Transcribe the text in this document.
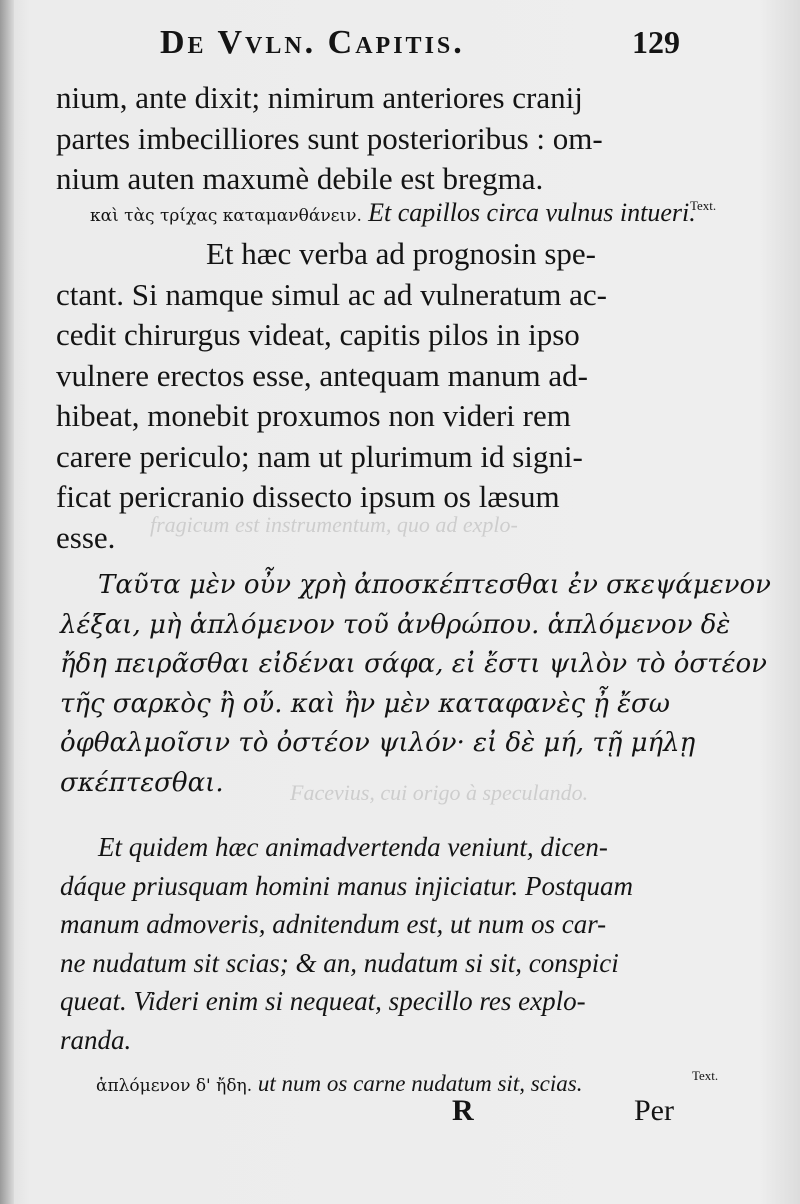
fragicum est instrumentum, quo ad explo-
Facevius, cui origo à speculando.
De Vvln. Capitis.	129
nium, ante dixit; nimirum anteriores cranij
partes imbecilliores sunt posterioribus : om-
nium auten maxumè debile est bregma.
καὶ τὰς τρίχας καταμανθάνειν. Et capillos circa vulnus intueri.
Et hæc verba ad prognosin spe-
ctant. Si namque simul ac ad vulneratum ac-
cedit chirurgus videat, capitis pilos in ipso
vulnere erectos esse, antequam manum ad-
hibeat, monebit proxumos non videri rem
carere periculo; nam ut plurimum id signi-
ficat pericranio dissecto ipsum os læsum
esse.
Text.
Ταῦτα μὲν οὖν χρὴ ἀποσκέπτεσθαι ἐν σκεψάμενον
λέξαι, μὴ ἁπλόμενον τοῦ ἀνθρώπου. ἁπλόμενον δὲ
ἤδη πειρᾶσθαι εἰδέναι σάφα, εἰ ἔστι ψιλὸν τὸ ὀστέον
τῆς σαρκὸς ἢ οὔ. καὶ ἢν μὲν καταφανὲς ᾖ ἔσω
ὀφθαλμοῖσιν τὸ ὀστέον ψιλόν· εἰ δὲ μή, τῇ μήλῃ
σκέπτεσθαι.
Et quidem hæc animadvertenda veniunt, dicen-
dáque priusquam homini manus injiciatur. Postquam
manum admoveris, adnitendum est, ut num os car-
ne nudatum sit scias; & an, nudatum si sit, conspici
queat. Videri enim si nequeat, specillo res explo-
randa.
ἁπλόμενον δ' ἤδη. ut num os carne nudatum sit, scias.	Text.
R	Per
